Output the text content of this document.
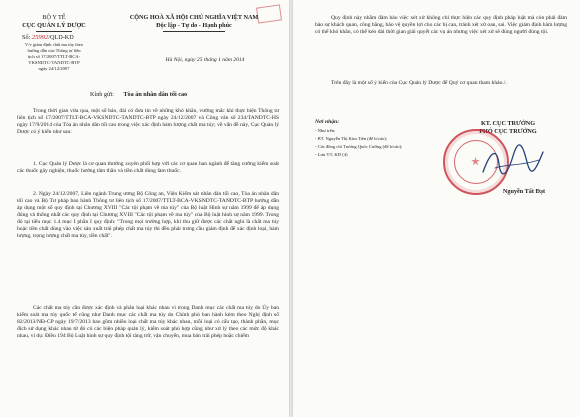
BỘ Y TẾ
CỤC QUẢN LÝ DƯỢC
Số: 25992/QLD-KD
V/v giám định chất ma túy theo
hướng dẫn của Thông tư liên
tịch số 17/2007/TTLT-BCA-
VKSNDTC-TANDTC-BTP
ngày 24/12/2007
CỘNG HOÀ XÃ HỘI CHỦ NGHĨA VIỆT NAM
Độc lập - Tự do - Hạnh phúc
Hà Nội, ngày 25 tháng 1 năm 2014
Kính gửi: Tòa án nhân dân tối cao
Trong thời gian vừa qua, một số báo, đài có đưa tin về những khó khăn, vướng mắc khi thực hiện Thông tư liên tịch số 17/2007/TTLT-BCA-VKSNDTC-TANDTC-BTP ngày 24/12/2007 và Công văn số 234/TANDTC-HS ngày 17/9/2014 của Tòa án nhân dân tối cao trong việc xác định hàm lượng chất ma túy; về vấn đề này, Cục Quản lý Dược có ý kiến như sau:
1. Cục Quản lý Dược là cơ quan thường xuyên phối hợp với các cơ quan ban ngành để tăng cường kiểm soát các thuốc gây nghiện, thuốc hướng tâm thần và tiền chất dùng làm thuốc.
2. Ngày 24/12/2007, Liên ngành Trung ương Bộ Công an, Viện Kiểm sát nhân dân tối cao, Tòa án nhân dân tối cao và Bộ Tư pháp ban hành Thông tư liên tịch số 17/2007/TTLT-BCA-VKSNDTC-TANDTC-BTP hướng dẫn áp dụng một số quy định tại Chương XVIII "Các tội phạm về ma túy" của Bộ luật Hình sự năm 1999 để áp dụng đúng và thống nhất các quy định tại Chương XVIII "Các tội phạm về ma túy" của Bộ luật hình sự năm 1999. Trong đó tại tiểu mục 1.4 mục I phần I quy định: "Trong mọi trường hợp, khi thu giữ được các chất nghi là chất ma túy hoặc tiền chất dùng vào việc sản xuất trái phép chất ma túy thì đều phải trưng cầu giám định để xác định loại, hàm lượng, trọng lượng chất ma túy, tiền chất".
Các chất ma túy cần được xác định và phân loại khác nhau vì trong Danh mục các chất ma túy do Ủy ban kiểm soát ma túy quốc tế cũng như Danh mục các chất ma túy do Chính phủ ban hành kèm theo Nghị định số 82/2013/NĐ-CP ngày 19/7/2013 bao gồm nhiều loại chất ma túy khác nhau, mỗi loại có cấu tạo, thành phần, mục đích sử dụng khác nhau từ đó có các biện pháp quản lý, kiểm soát phù hợp cũng như xử lý theo các mức độ khác nhau, ví dụ: Điều 194 Bộ Luật hình sự quy định tội tàng trữ, vận chuyển, mua bán trái phép hoặc chiếm
Quy định này nhằm đảm bảo việc xét xử không chỉ thực hiện các quy định pháp luật mà còn phải đảm bảo sự khách quan, công bằng, bảo vệ quyền lợi cho các bị can, tránh xét xử oan, sai. Việc giám định hàm lượng có thể khó khăn, có thể kéo dài thời gian giải quyết các vụ án nhưng việc xét xử sẽ đúng người đúng tội.
Trên đây là một số ý kiến của Cục Quản lý Dược để Quý cơ quan tham khảo./.
Nơi nhận:
- Như trên;
- BT. Nguyễn Thị Kim Tiến (để b/cáo);
- Các đồng chí Trương Quốc Cường (để b/cáo);
- Lưu VT, KD (4)
KT. CỤC TRƯỞNG
PHÓ CỤC TRƯỞNG
Nguyễn Tất Đạt
